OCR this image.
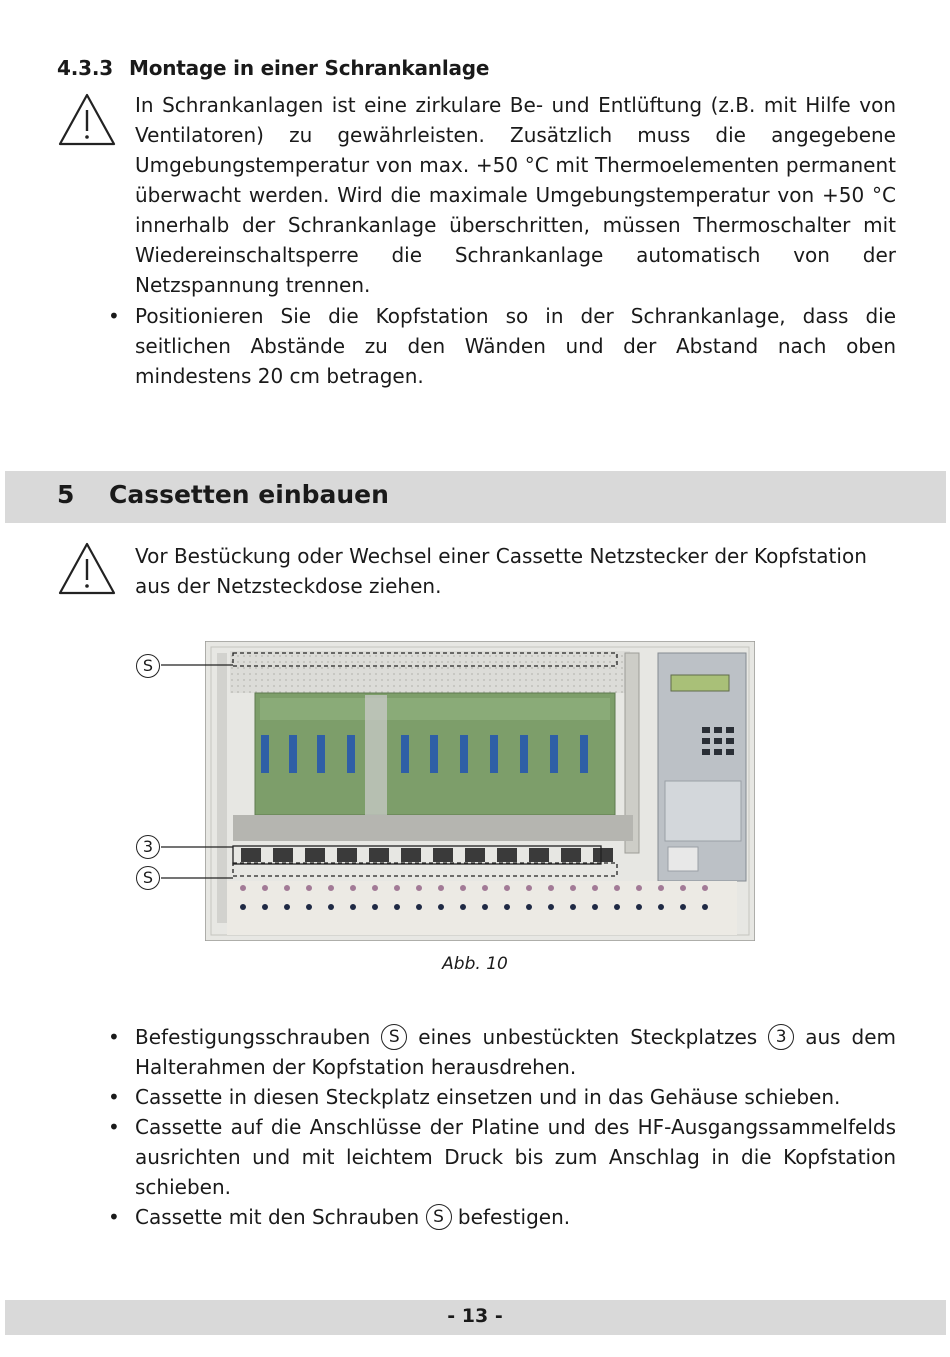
4.3.3 Montage in einer Schrankanlage
In Schrankanlagen ist eine zirkulare Be- und Entlüftung (z.B. mit Hilfe von Ventilatoren) zu gewährleisten. Zusätzlich muss die angegebene Umgebungstemperatur von max. +50 °C mit Thermoelementen permanent überwacht werden. Wird die maximale Umgebungstemperatur von +50 °C innerhalb der Schrankanlage überschritten, müssen Thermoschalter mit Wiedereinschaltsperre die Schrankanlage automatisch von der Netzspannung trennen.
• Positionieren Sie die Kopfstation so in der Schrankanlage, dass die seitlichen Abstände zu den Wänden und der Abstand nach oben mindestens 20 cm betragen.
5 Cassetten einbauen
Vor Bestückung oder Wechsel einer Cassette Netzstecker der Kopfstation aus der Netzsteckdose ziehen.
S
3
S
Abb. 10
• Befestigungsschrauben S eines unbestückten Steckplatzes 3 aus dem Halterahmen der Kopfstation herausdrehen.
• Cassette in diesen Steckplatz einsetzen und in das Gehäuse schieben.
• Cassette auf die Anschlüsse der Platine und des HF-Ausgangssammelfelds ausrichten und mit leichtem Druck bis zum Anschlag in die Kopfstation schieben.
• Cassette mit den Schrauben S befestigen.
- 13 -
